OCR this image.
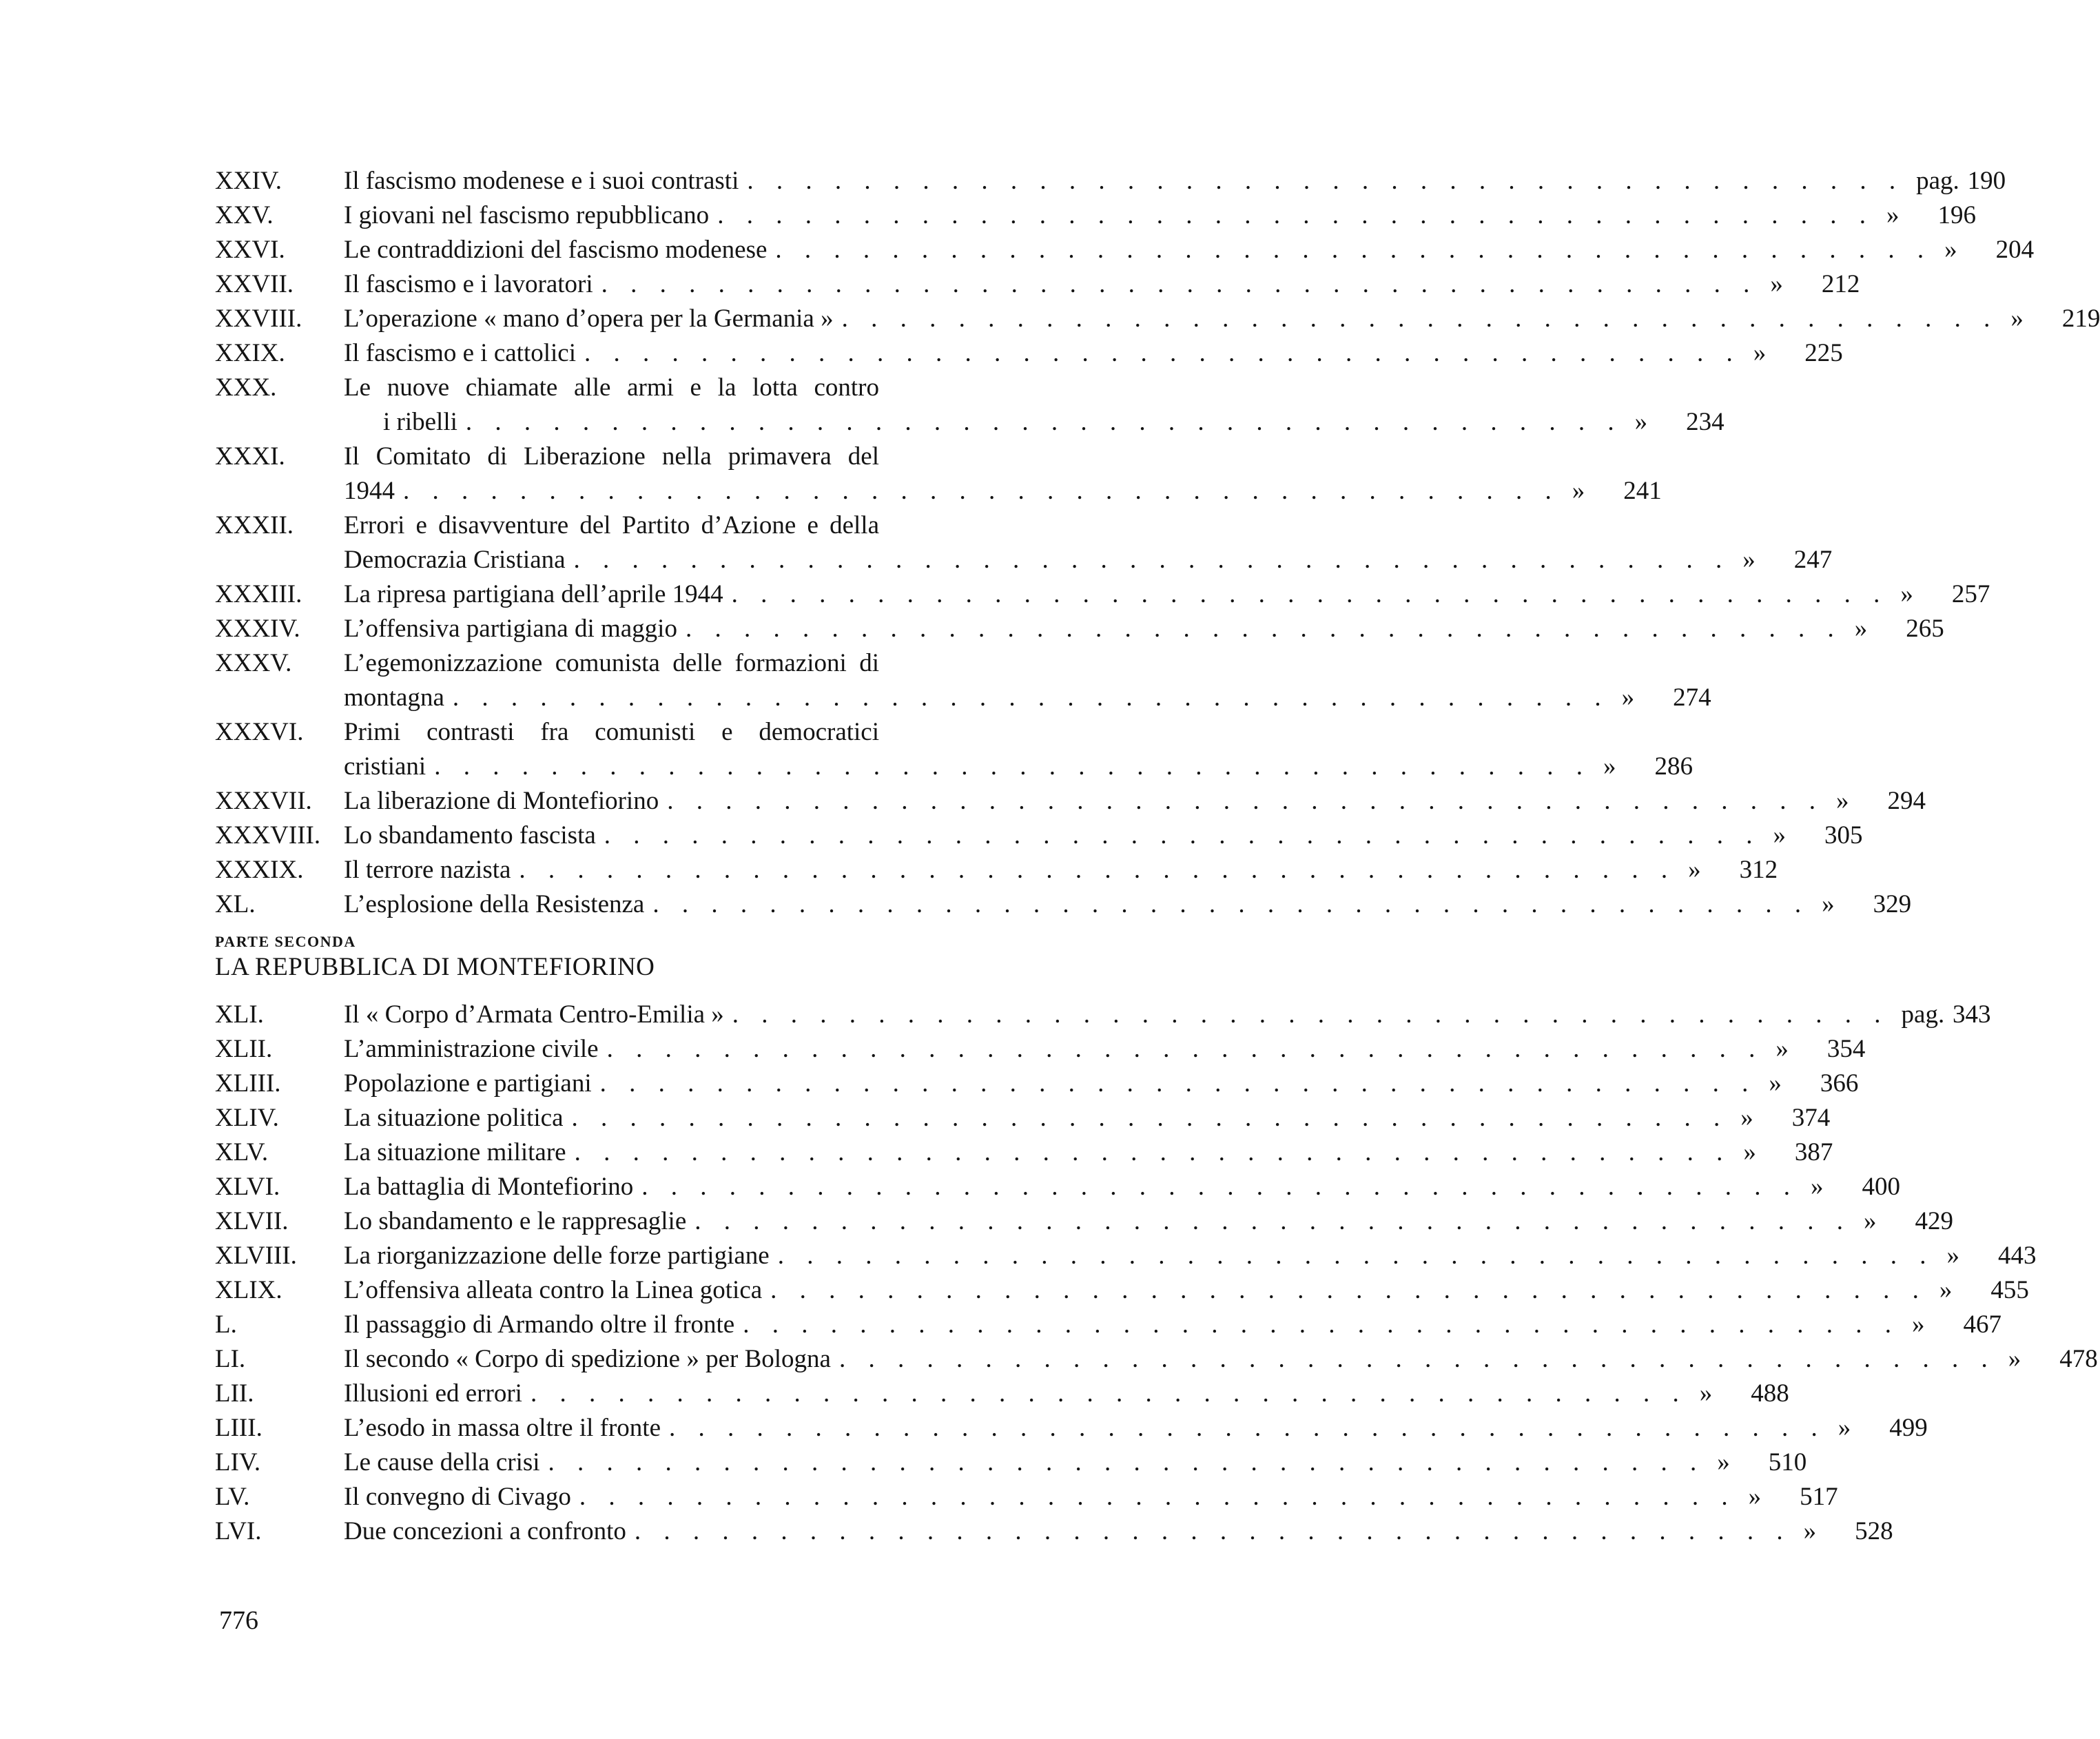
XXIV. Il fascismo modenese e i suoi contrasti . . . . . . . . . . . . . . . . . . . . . . . . . . . . . . . . . . . . . . . . pag. 190
XXV.	I giovani nel fascismo repubblicano . . . . . . . . . . . . . . . . . . . . . . . . . . . . . . . . . . . . . . . . » 196
XXVI. Le contraddizioni del fascismo modenese . . . . . . . . . . . . . . . . . . . . . . . . . . . . . . . . . . . . . . . . » 204
XXVII. Il fascismo e i lavoratori . . . . . . . . . . . . . . . . . . . . . . . . . . . . . . . . . . . . . . . . » 212
XXVIII. L’operazione « mano d’opera per la Germania » . . . . . . . . . . . . . . . . . . . . . . . . . . . . . . . . . . . . . . . . » 219
XXIX. Il fascismo e i cattolici . . . . . . . . . . . . . . . . . . . . . . . . . . . . . . . . . . . . . . . . » 225
XXX.	Le nuove chiamate alle armi e la lotta contro
i ribelli . . . . . . . . . . . . . . . . . . . . . . . . . . . . . . . . . . . . . . . . » 234
XXXI. Il Comitato di Liberazione nella primavera del
1944 . . . . . . . . . . . . . . . . . . . . . . . . . . . . . . . . . . . . . . . . » 241
XXXII. Errori e disavventure del Partito d’Azione e della
Democrazia Cristiana . . . . . . . . . . . . . . . . . . . . . . . . . . . . . . . . . . . . . . . . » 247
XXXIII. La ripresa partigiana dell’aprile 1944 . . . . . . . . . . . . . . . . . . . . . . . . . . . . . . . . . . . . . . . . » 257
XXXIV. L’offensiva partigiana di maggio . . . . . . . . . . . . . . . . . . . . . . . . . . . . . . . . . . . . . . . . » 265
XXXV. L’egemonizzazione comunista delle formazioni di
montagna . . . . . . . . . . . . . . . . . . . . . . . . . . . . . . . . . . . . . . . . » 274
XXXVI. Primi contrasti fra comunisti e democratici
cristiani . . . . . . . . . . . . . . . . . . . . . . . . . . . . . . . . . . . . . . . . » 286
XXXVII. La liberazione di Montefiorino . . . . . . . . . . . . . . . . . . . . . . . . . . . . . . . . . . . . . . . . » 294
XXXVIII. Lo sbandamento fascista . . . . . . . . . . . . . . . . . . . . . . . . . . . . . . . . . . . . . . . . » 305
XXXIX. Il terrore nazista . . . . . . . . . . . . . . . . . . . . . . . . . . . . . . . . . . . . . . . . » 312
XL.	L’esplosione della Resistenza . . . . . . . . . . . . . . . . . . . . . . . . . . . . . . . . . . . . . . . . » 329
PARTE SECONDA
LA REPUBBLICA DI MONTEFIORINO
XLI.	Il « Corpo d’Armata Centro-Emilia » . . . . . . . . . . . . . . . . . . . . . . . . . . . . . . . . . . . . . . . . pag. 343
XLII.	L’amministrazione civile . . . . . . . . . . . . . . . . . . . . . . . . . . . . . . . . . . . . . . . . » 354
XLIII. Popolazione e partigiani . . . . . . . . . . . . . . . . . . . . . . . . . . . . . . . . . . . . . . . . » 366
XLIV.	La situazione politica . . . . . . . . . . . . . . . . . . . . . . . . . . . . . . . . . . . . . . . . » 374
XLV.	La situazione militare . . . . . . . . . . . . . . . . . . . . . . . . . . . . . . . . . . . . . . . . » 387
XLVI.	La battaglia di Montefiorino . . . . . . . . . . . . . . . . . . . . . . . . . . . . . . . . . . . . . . . . » 400
XLVII. Lo sbandamento e le rappresaglie . . . . . . . . . . . . . . . . . . . . . . . . . . . . . . . . . . . . . . . . » 429
XLVIII. La riorganizzazione delle forze partigiane . . . . . . . . . . . . . . . . . . . . . . . . . . . . . . . . . . . . . . . . » 443
XLIX. L’offensiva alleata contro la Linea gotica . . . . . . . . . . . . . . . . . . . . . . . . . . . . . . . . . . . . . . . . » 455
L.	Il passaggio di Armando oltre il fronte . . . . . . . . . . . . . . . . . . . . . . . . . . . . . . . . . . . . . . . . » 467
LI.	Il secondo « Corpo di spedizione » per Bologna . . . . . . . . . . . . . . . . . . . . . . . . . . . . . . . . . . . . . . . . » 478
LII.	Illusioni ed errori . . . . . . . . . . . . . . . . . . . . . . . . . . . . . . . . . . . . . . . . » 488
LIII.	L’esodo in massa oltre il fronte . . . . . . . . . . . . . . . . . . . . . . . . . . . . . . . . . . . . . . . . » 499
LIV.	Le cause della crisi . . . . . . . . . . . . . . . . . . . . . . . . . . . . . . . . . . . . . . . . » 510
LV.	Il convegno di Civago . . . . . . . . . . . . . . . . . . . . . . . . . . . . . . . . . . . . . . . . » 517
LVI.	Due concezioni a confronto . . . . . . . . . . . . . . . . . . . . . . . . . . . . . . . . . . . . . . . . » 528
776
